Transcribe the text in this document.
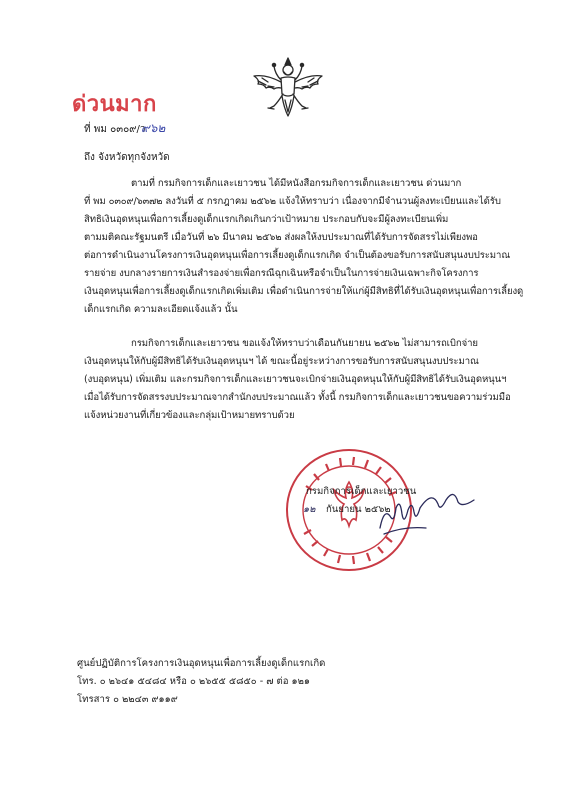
ด่วนมาก
ที่ พม ๐๓๐๙/ว
๙๖๒
ถึง จังหวัดทุกจังหวัด
ตามที่ กรมกิจการเด็กและเยาวชน ได้มีหนังสือกรมกิจการเด็กและเยาวชน ด่วนมาก
ที่ พม ๐๓๐๙/๖๓๗๒ ลงวันที่ ๕ กรกฎาคม ๒๕๖๒ แจ้งให้ทราบว่า เนื่องจากมีจำนวนผู้ลงทะเบียนและได้รับ
สิทธิเงินอุดหนุนเพื่อการเลี้ยงดูเด็กแรกเกิดเกินกว่าเป้าหมาย ประกอบกับจะมีผู้ลงทะเบียนเพิ่ม
ตามมติคณะรัฐมนตรี เมื่อวันที่ ๒๖ มีนาคม ๒๕๖๒ ส่งผลให้งบประมาณที่ได้รับการจัดสรรไม่เพียงพอ
ต่อการดำเนินงานโครงการเงินอุดหนุนเพื่อการเลี้ยงดูเด็กแรกเกิด จำเป็นต้องขอรับการสนับสนุนงบประมาณ
รายจ่าย งบกลางรายการเงินสำรองจ่ายเพื่อกรณีฉุกเฉินหรือจำเป็นในการจ่ายเงินเฉพาะกิจโครงการ
เงินอุดหนุนเพื่อการเลี้ยงดูเด็กแรกเกิดเพิ่มเติม เพื่อดำเนินการจ่ายให้แก่ผู้มีสิทธิที่ได้รับเงินอุดหนุนเพื่อการเลี้ยงดู
เด็กแรกเกิด ความละเอียดแจ้งแล้ว นั้น
กรมกิจการเด็กและเยาวชน ขอแจ้งให้ทราบว่าเดือนกันยายน ๒๕๖๒ ไม่สามารถเบิกจ่าย
เงินอุดหนุนให้กับผู้มีสิทธิได้รับเงินอุดหนุนฯ ได้ ขณะนี้อยู่ระหว่างการขอรับการสนับสนุนงบประมาณ
(งบอุดหนุน) เพิ่มเติม และกรมกิจการเด็กและเยาวชนจะเบิกจ่ายเงินอุดหนุนให้กับผู้มีสิทธิได้รับเงินอุดหนุนฯ
เมื่อได้รับการจัดสรรงบประมาณจากสำนักงบประมาณแล้ว ทั้งนี้ กรมกิจการเด็กและเยาวชนขอความร่วมมือ
แจ้งหน่วยงานที่เกี่ยวข้องและกลุ่มเป้าหมายทราบด้วย
กรมกิจการเด็กและเยาวชน
๑๒ กันยายน ๒๕๖๒
ศูนย์ปฏิบัติการโครงการเงินอุดหนุนเพื่อการเลี้ยงดูเด็กแรกเกิด
โทร. ๐ ๒๖๔๑ ๕๔๘๔ หรือ ๐ ๒๖๕๕ ๕๘๕๐ - ๗ ต่อ ๑๒๑
โทรสาร ๐ ๒๒๔๓ ๙๑๑๙
